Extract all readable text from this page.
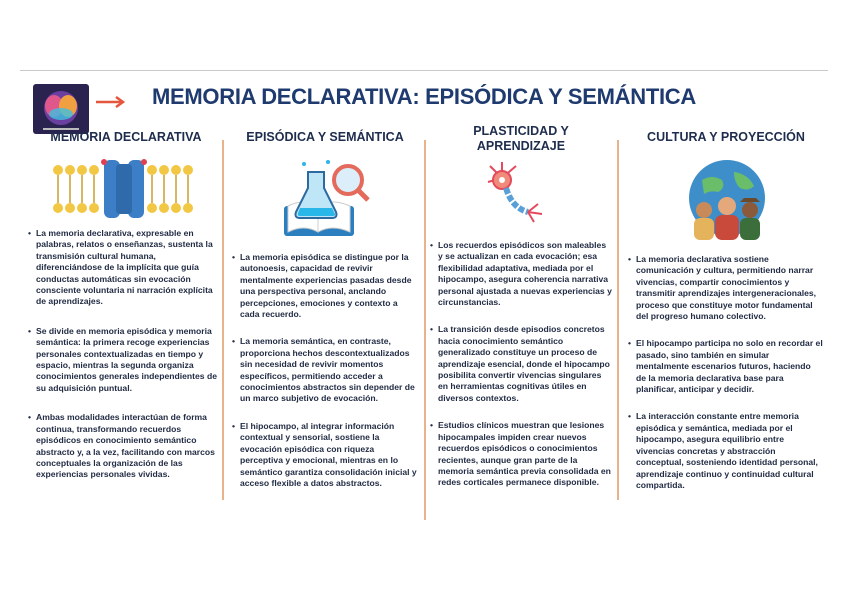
MEMORIA DECLARATIVA: EPISÓDICA Y SEMÁNTICA
MEMORIA DECLARATIVA
• La memoria declarativa, expresable en palabras, relatos o enseñanzas, sustenta la transmisión cultural humana, diferenciándose de la implícita que guía conductas automáticas sin evocación consciente voluntaria ni narración explícita de aprendizajes.
• Se divide en memoria episódica y memoria semántica: la primera recoge experiencias personales contextualizadas en tiempo y espacio, mientras la segunda organiza conocimientos generales independientes de su adquisición puntual.
• Ambas modalidades interactúan de forma continua, transformando recuerdos episódicos en conocimiento semántico abstracto y, a la vez, facilitando con marcos conceptuales la organización de las experiencias personales vividas.
EPISÓDICA Y SEMÁNTICA
• La memoria episódica se distingue por la autonoesis, capacidad de revivir mentalmente experiencias pasadas desde una perspectiva personal, anclando percepciones, emociones y contexto a cada recuerdo.
• La memoria semántica, en contraste, proporciona hechos descontextualizados sin necesidad de revivir momentos específicos, permitiendo acceder a conocimientos abstractos sin depender de un marco subjetivo de evocación.
• El hipocampo, al integrar información contextual y sensorial, sostiene la evocación episódica con riqueza perceptiva y emocional, mientras en lo semántico garantiza consolidación inicial y acceso flexible a datos abstractos.
PLASTICIDAD Y APRENDIZAJE
• Los recuerdos episódicos son maleables y se actualizan en cada evocación; esa flexibilidad adaptativa, mediada por el hipocampo, asegura coherencia narrativa personal ajustada a nuevas experiencias y circunstancias.
• La transición desde episodios concretos hacia conocimiento semántico generalizado constituye un proceso de aprendizaje esencial, donde el hipocampo posibilita convertir vivencias singulares en herramientas cognitivas útiles en diversos contextos.
• Estudios clínicos muestran que lesiones hipocampales impiden crear nuevos recuerdos episódicos o conocimientos recientes, aunque gran parte de la memoria semántica previa consolidada en redes corticales permanece disponible.
CULTURA Y PROYECCIÓN
• La memoria declarativa sostiene comunicación y cultura, permitiendo narrar vivencias, compartir conocimientos y transmitir aprendizajes intergeneracionales, proceso que constituye motor fundamental del progreso humano colectivo.
• El hipocampo participa no solo en recordar el pasado, sino también en simular mentalmente escenarios futuros, haciendo de la memoria declarativa base para planificar, anticipar y decidir.
• La interacción constante entre memoria episódica y semántica, mediada por el hipocampo, asegura equilibrio entre vivencias concretas y abstracción conceptual, sosteniendo identidad personal, aprendizaje continuo y continuidad cultural compartida.
